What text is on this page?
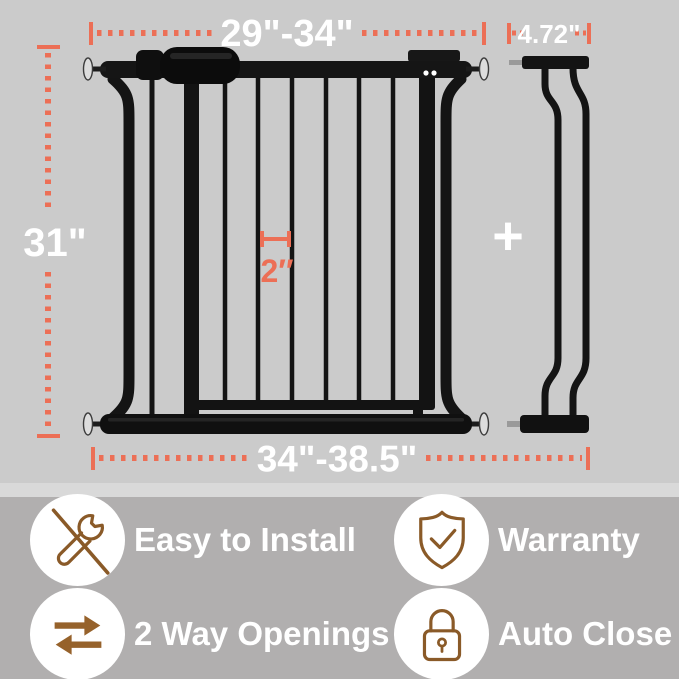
+
29"-34"	4.72"
31"
2″
34"-38.5"
Easy to Install	Warranty
2 Way Openings	Auto Close
